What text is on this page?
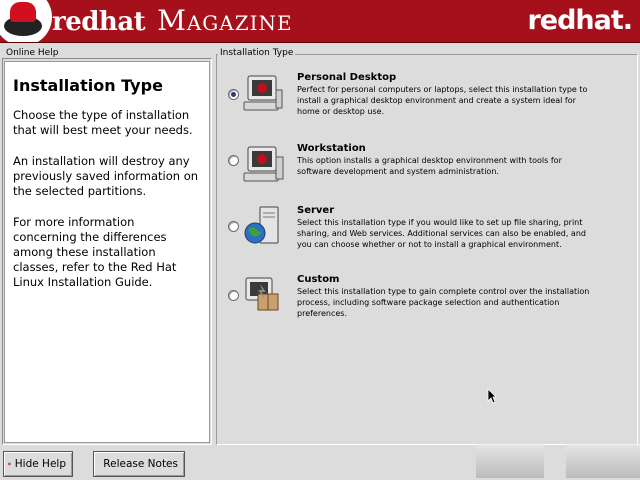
redhat Magazine	redhat.
Online Help
Installation Type

Choose the type of installation that will best meet your needs.

An installation will destroy any previously saved information on the selected partitions.

For more information concerning the differences among these installation classes, refer to the Red Hat Linux Installation Guide.

Installation Type
Personal Desktop
Perfect for personal computers or laptops, select this installation type to install a graphical desktop environment and create a system ideal for home or desktop use.
Workstation
This option installs a graphical desktop environment with tools for software development and system administration.
Server
Select this installation type if you would like to set up file sharing, print sharing, and Web services. Additional services can also be enabled, and you can choose whether or not to install a graphical environment.
Custom
Select this installation type to gain complete control over the installation process, including software package selection and authentication preferences.
Hide Help	Release Notes
